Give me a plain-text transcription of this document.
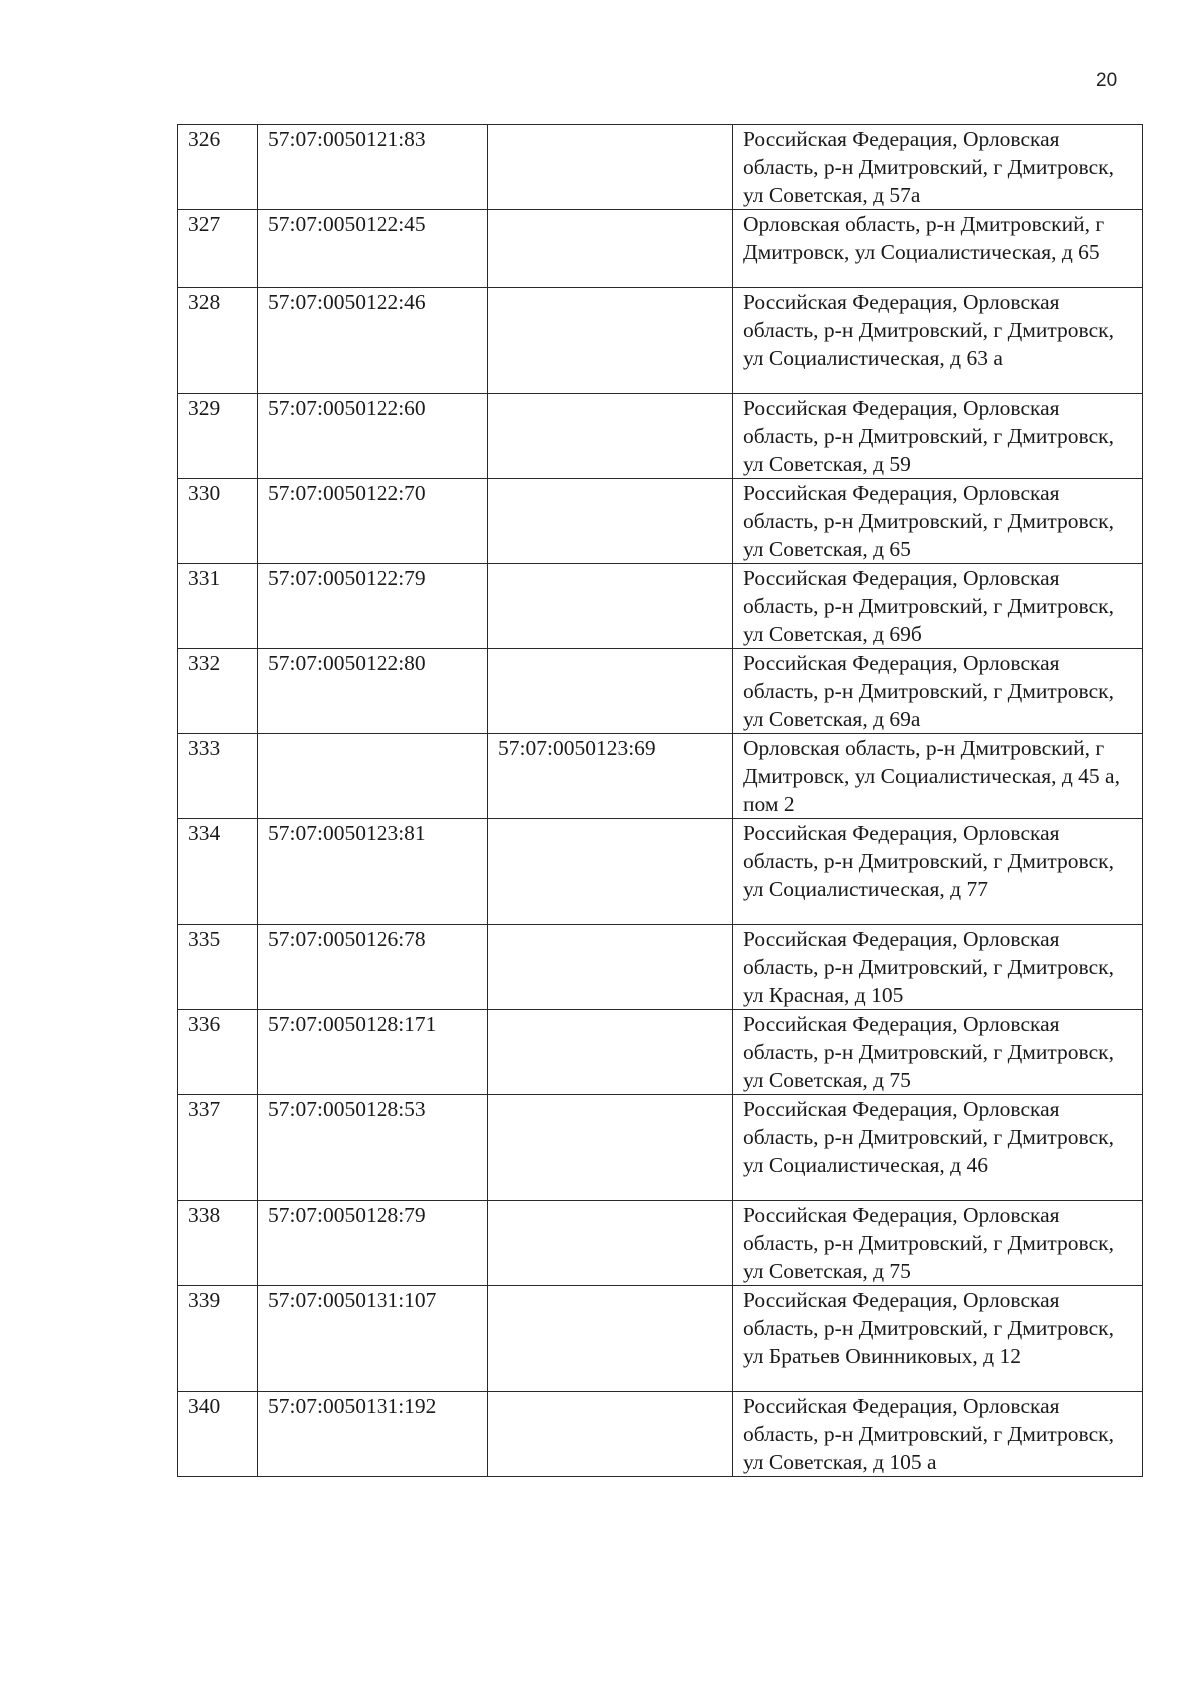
20
326	57:07:0050121:83		Российская Федерация, Орловская область, р-н Дмитровский, г Дмитровск, ул Советская, д 57а
327	57:07:0050122:45		Орловская область, р-н Дмитровский, г Дмитровск, ул Социалистическая, д 65
328	57:07:0050122:46		Российская Федерация, Орловская область, р-н Дмитровский, г Дмитровск, ул Социалистическая, д 63 а
329	57:07:0050122:60		Российская Федерация, Орловская область, р-н Дмитровский, г Дмитровск, ул Советская, д 59
330	57:07:0050122:70		Российская Федерация, Орловская область, р-н Дмитровский, г Дмитровск, ул Советская, д 65
331	57:07:0050122:79		Российская Федерация, Орловская область, р-н Дмитровский, г Дмитровск, ул Советская, д 69б
332	57:07:0050122:80		Российская Федерация, Орловская область, р-н Дмитровский, г Дмитровск, ул Советская, д 69а
333		57:07:0050123:69	Орловская область, р-н Дмитровский, г Дмитровск, ул Социалистическая, д 45 а, пом 2
334	57:07:0050123:81		Российская Федерация, Орловская область, р-н Дмитровский, г Дмитровск, ул Социалистическая, д 77
335	57:07:0050126:78		Российская Федерация, Орловская область, р-н Дмитровский, г Дмитровск, ул Красная, д 105
336	57:07:0050128:171		Российская Федерация, Орловская область, р-н Дмитровский, г Дмитровск, ул Советская, д 75
337	57:07:0050128:53		Российская Федерация, Орловская область, р-н Дмитровский, г Дмитровск, ул Социалистическая, д 46
338	57:07:0050128:79		Российская Федерация, Орловская область, р-н Дмитровский, г Дмитровск, ул Советская, д 75
339	57:07:0050131:107		Российская Федерация, Орловская область, р-н Дмитровский, г Дмитровск, ул Братьев Овинниковых, д 12
340	57:07:0050131:192		Российская Федерация, Орловская область, р-н Дмитровский, г Дмитровск, ул Советская, д 105 а
